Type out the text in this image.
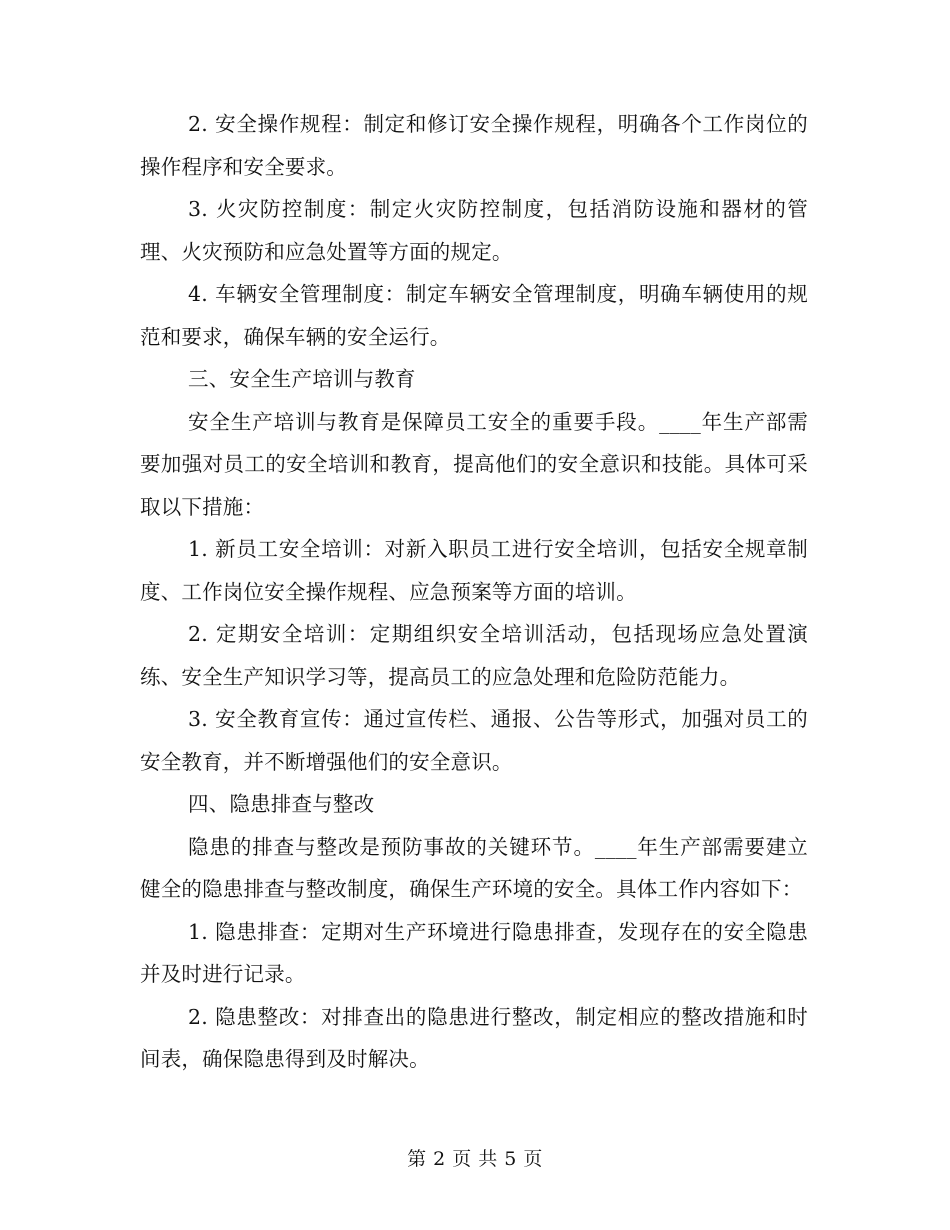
2. 安全操作规程：制定和修订安全操作规程，明确各个工作岗位的操作程序和安全要求。

3. 火灾防控制度：制定火灾防控制度，包括消防设施和器材的管理、火灾预防和应急处置等方面的规定。

4. 车辆安全管理制度：制定车辆安全管理制度，明确车辆使用的规范和要求，确保车辆的安全运行。

三、安全生产培训与教育

安全生产培训与教育是保障员工安全的重要手段。____年生产部需要加强对员工的安全培训和教育，提高他们的安全意识和技能。具体可采取以下措施：

1. 新员工安全培训：对新入职员工进行安全培训，包括安全规章制度、工作岗位安全操作规程、应急预案等方面的培训。

2. 定期安全培训：定期组织安全培训活动，包括现场应急处置演练、安全生产知识学习等，提高员工的应急处理和危险防范能力。

3. 安全教育宣传：通过宣传栏、通报、公告等形式，加强对员工的安全教育，并不断增强他们的安全意识。

四、隐患排查与整改

隐患的排查与整改是预防事故的关键环节。____年生产部需要建立健全的隐患排查与整改制度，确保生产环境的安全。具体工作内容如下：

1. 隐患排查：定期对生产环境进行隐患排查，发现存在的安全隐患并及时进行记录。

2. 隐患整改：对排查出的隐患进行整改，制定相应的整改措施和时间表，确保隐患得到及时解决。

第 2 页 共 5 页
